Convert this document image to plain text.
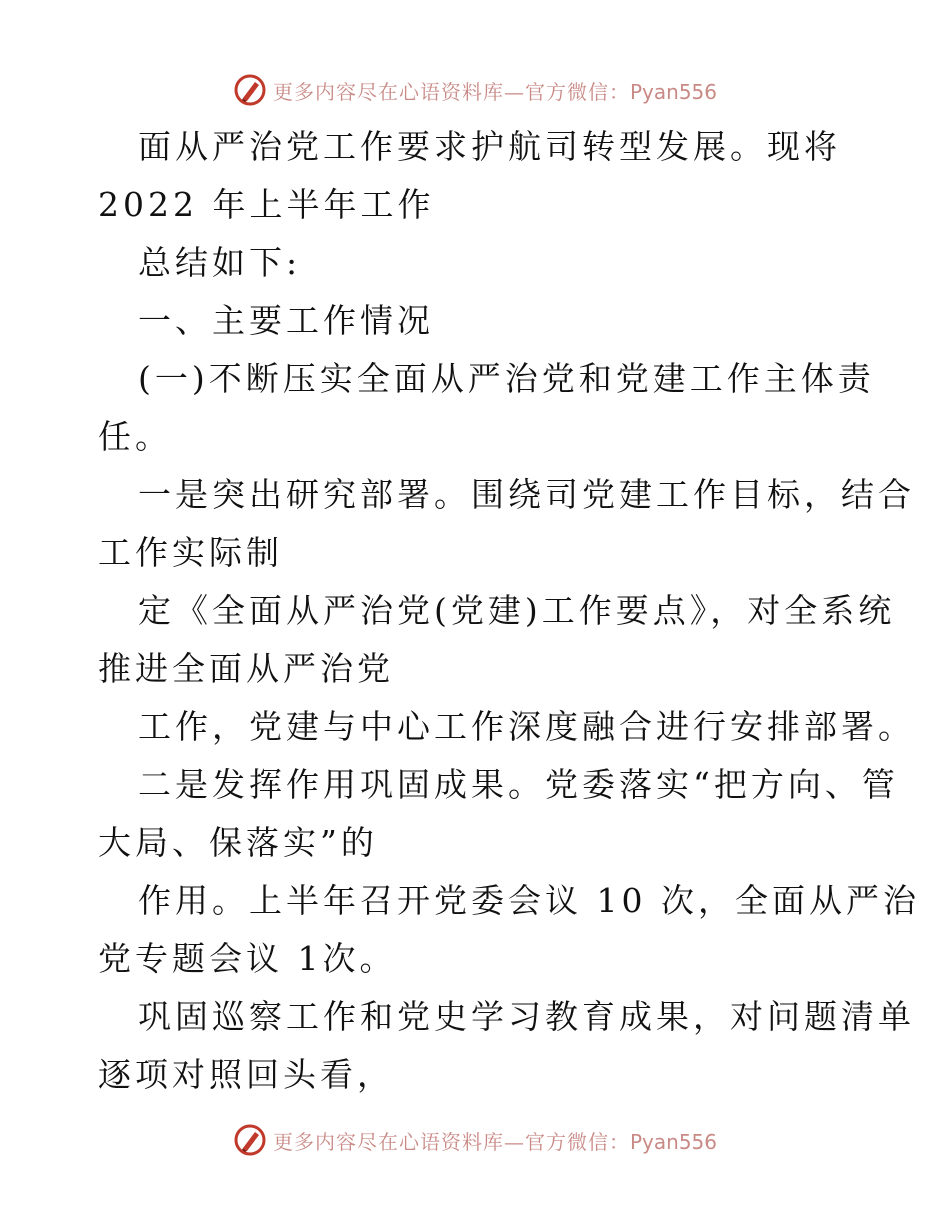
更多内容尽在心语资料库—官方微信：Pyan556
面从严治党工作要求护航司转型发展。现将
2022 年上半年工作
总结如下:
一、主要工作情况
(一)不断压实全面从严治党和党建工作主体责
任。
一是突出研究部署。围绕司党建工作目标，结合
工作实际制
定《全面从严治党(党建)工作要点》，对全系统
推进全面从严治党
工作，党建与中心工作深度融合进行安排部署。
二是发挥作用巩固成果。党委落实“把方向、管
大局、保落实”的
作用。上半年召开党委会议 10 次，全面从严治
党专题会议 1次。
巩固巡察工作和党史学习教育成果，对问题清单
逐项对照回头看，
更多内容尽在心语资料库—官方微信：Pyan556
